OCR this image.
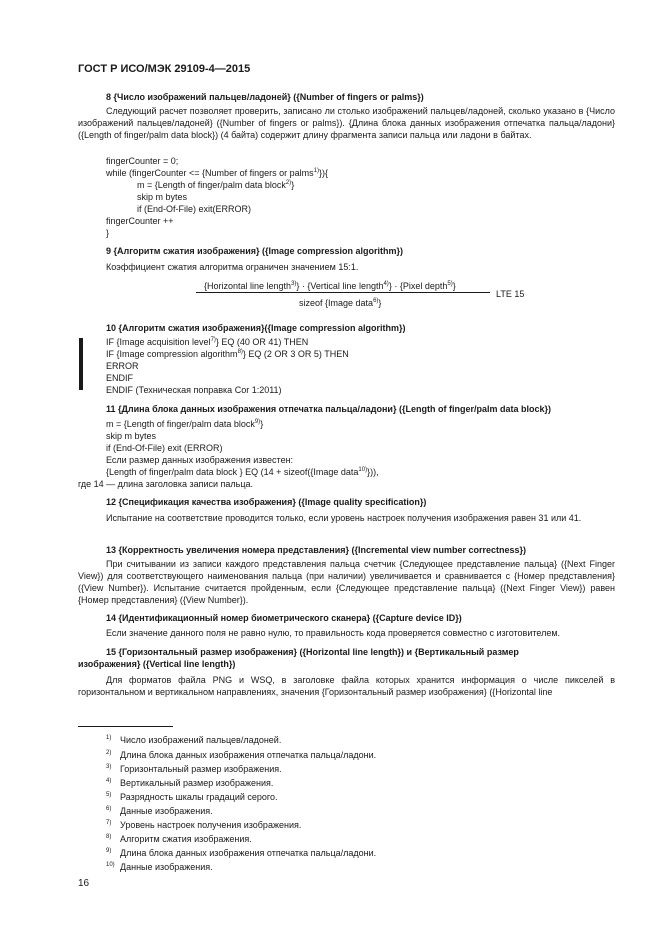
ГОСТ Р ИСО/МЭК 29109-4—2015
8 {Число изображений пальцев/ладоней} ({Number of fingers or palms})
Следующий расчет позволяет проверить, записано ли столько изображений пальцев/ладоней, сколько указано в {Число изображений пальцев/ладоней} ({Number of fingers or palms}). {Длина блока данных изображения отпечатка пальца/ладони}({Length of finger/palm data block}) (4 байта) содержит длину фрагмента записи пальца или ладони в байтах.
fingerCounter = 0;
while (fingerCounter <= {Number of fingers or palms$^{1)}$}){
m = {Length of finger/palm data block$^{2)}$}
skip m bytes
if (End-Of-File) exit(ERROR)
fingerCounter ++
}
9 {Алгоритм сжатия изображения} ({Image compression algorithm})
Коэффициент сжатия алгоритма ограничен значением 15:1.
{Horizontal line length$^{3)}$} · {Vertical line length$^{4)}$} · {Pixel depth$^{5)}$}
sizeof {Image data$^{6)}$}
LTE 15
10 {Алгоритм сжатия изображения}({Image compression algorithm})
IF {Image acquisition level$^{7)}$} EQ (40 OR 41) THEN
IF {Image compression algorithm$^{8)}$} EQ (2 OR 3 OR 5) THEN
ERROR
ENDIF
ENDIF (Техническая поправка Cor 1:2011)
11 {Длина блока данных изображения отпечатка пальца/ладони} ({Length of finger/palm data block})
m = {Length of finger/palm data block$^{9)}$}
skip m bytes
if (End-Of-File) exit (ERROR)
Если размер данных изображения известен:
{Length of finger/palm data block } EQ (14 + sizeof({Image data$^{10)}$})),
где 14 — длина заголовка записи пальца.
12 {Спецификация качества изображения} ({Image quality specification})
Испытание на соответствие проводится только, если уровень настроек получения изображения равен 31 или 41.
13 {Корректность увеличения номера представления} ({Incremental view number correctness})
При считывании из записи каждого представления пальца счетчик {Следующее представление пальца} ({Next Finger View}) для соответствующего наименования пальца (при наличии) увеличивается и сравнивается с {Номер представления} ({View Number}). Испытание считается пройденным, если {Следующее представление пальца} ({Next Finger View}) равен {Номер представления} ({View Number}).
14 {Идентификационный номер биометрического сканера} ({Capture device ID})
Если значение данного поля не равно нулю, то правильность кода проверяется совместно с изготовителем.
15 {Горизонтальный размер изображения} ({Horizontal line length}) и {Вертикальный размер
изображения} ({Vertical line length})
Для форматов файла PNG и WSQ, в заголовке файла которых хранится информация о числе пикселей в горизонтальном и вертикальном направлениях, значения {Горизонтальный размер изображения} ({Horizontal line
$^{1)}$ Число изображений пальцев/ладоней.
$^{2)}$ Длина блока данных изображения отпечатка пальца/ладони.
$^{3)}$ Горизонтальный размер изображения.
$^{4)}$ Вертикальный размер изображения.
$^{5)}$ Разрядность шкалы градаций серого.
$^{6)}$ Данные изображения.
$^{7)}$ Уровень настроек получения изображения.
$^{8)}$ Алгоритм сжатия изображения.
$^{9)}$ Длина блока данных изображения отпечатка пальца/ладони.
$^{10)}$ Данные изображения.
16
